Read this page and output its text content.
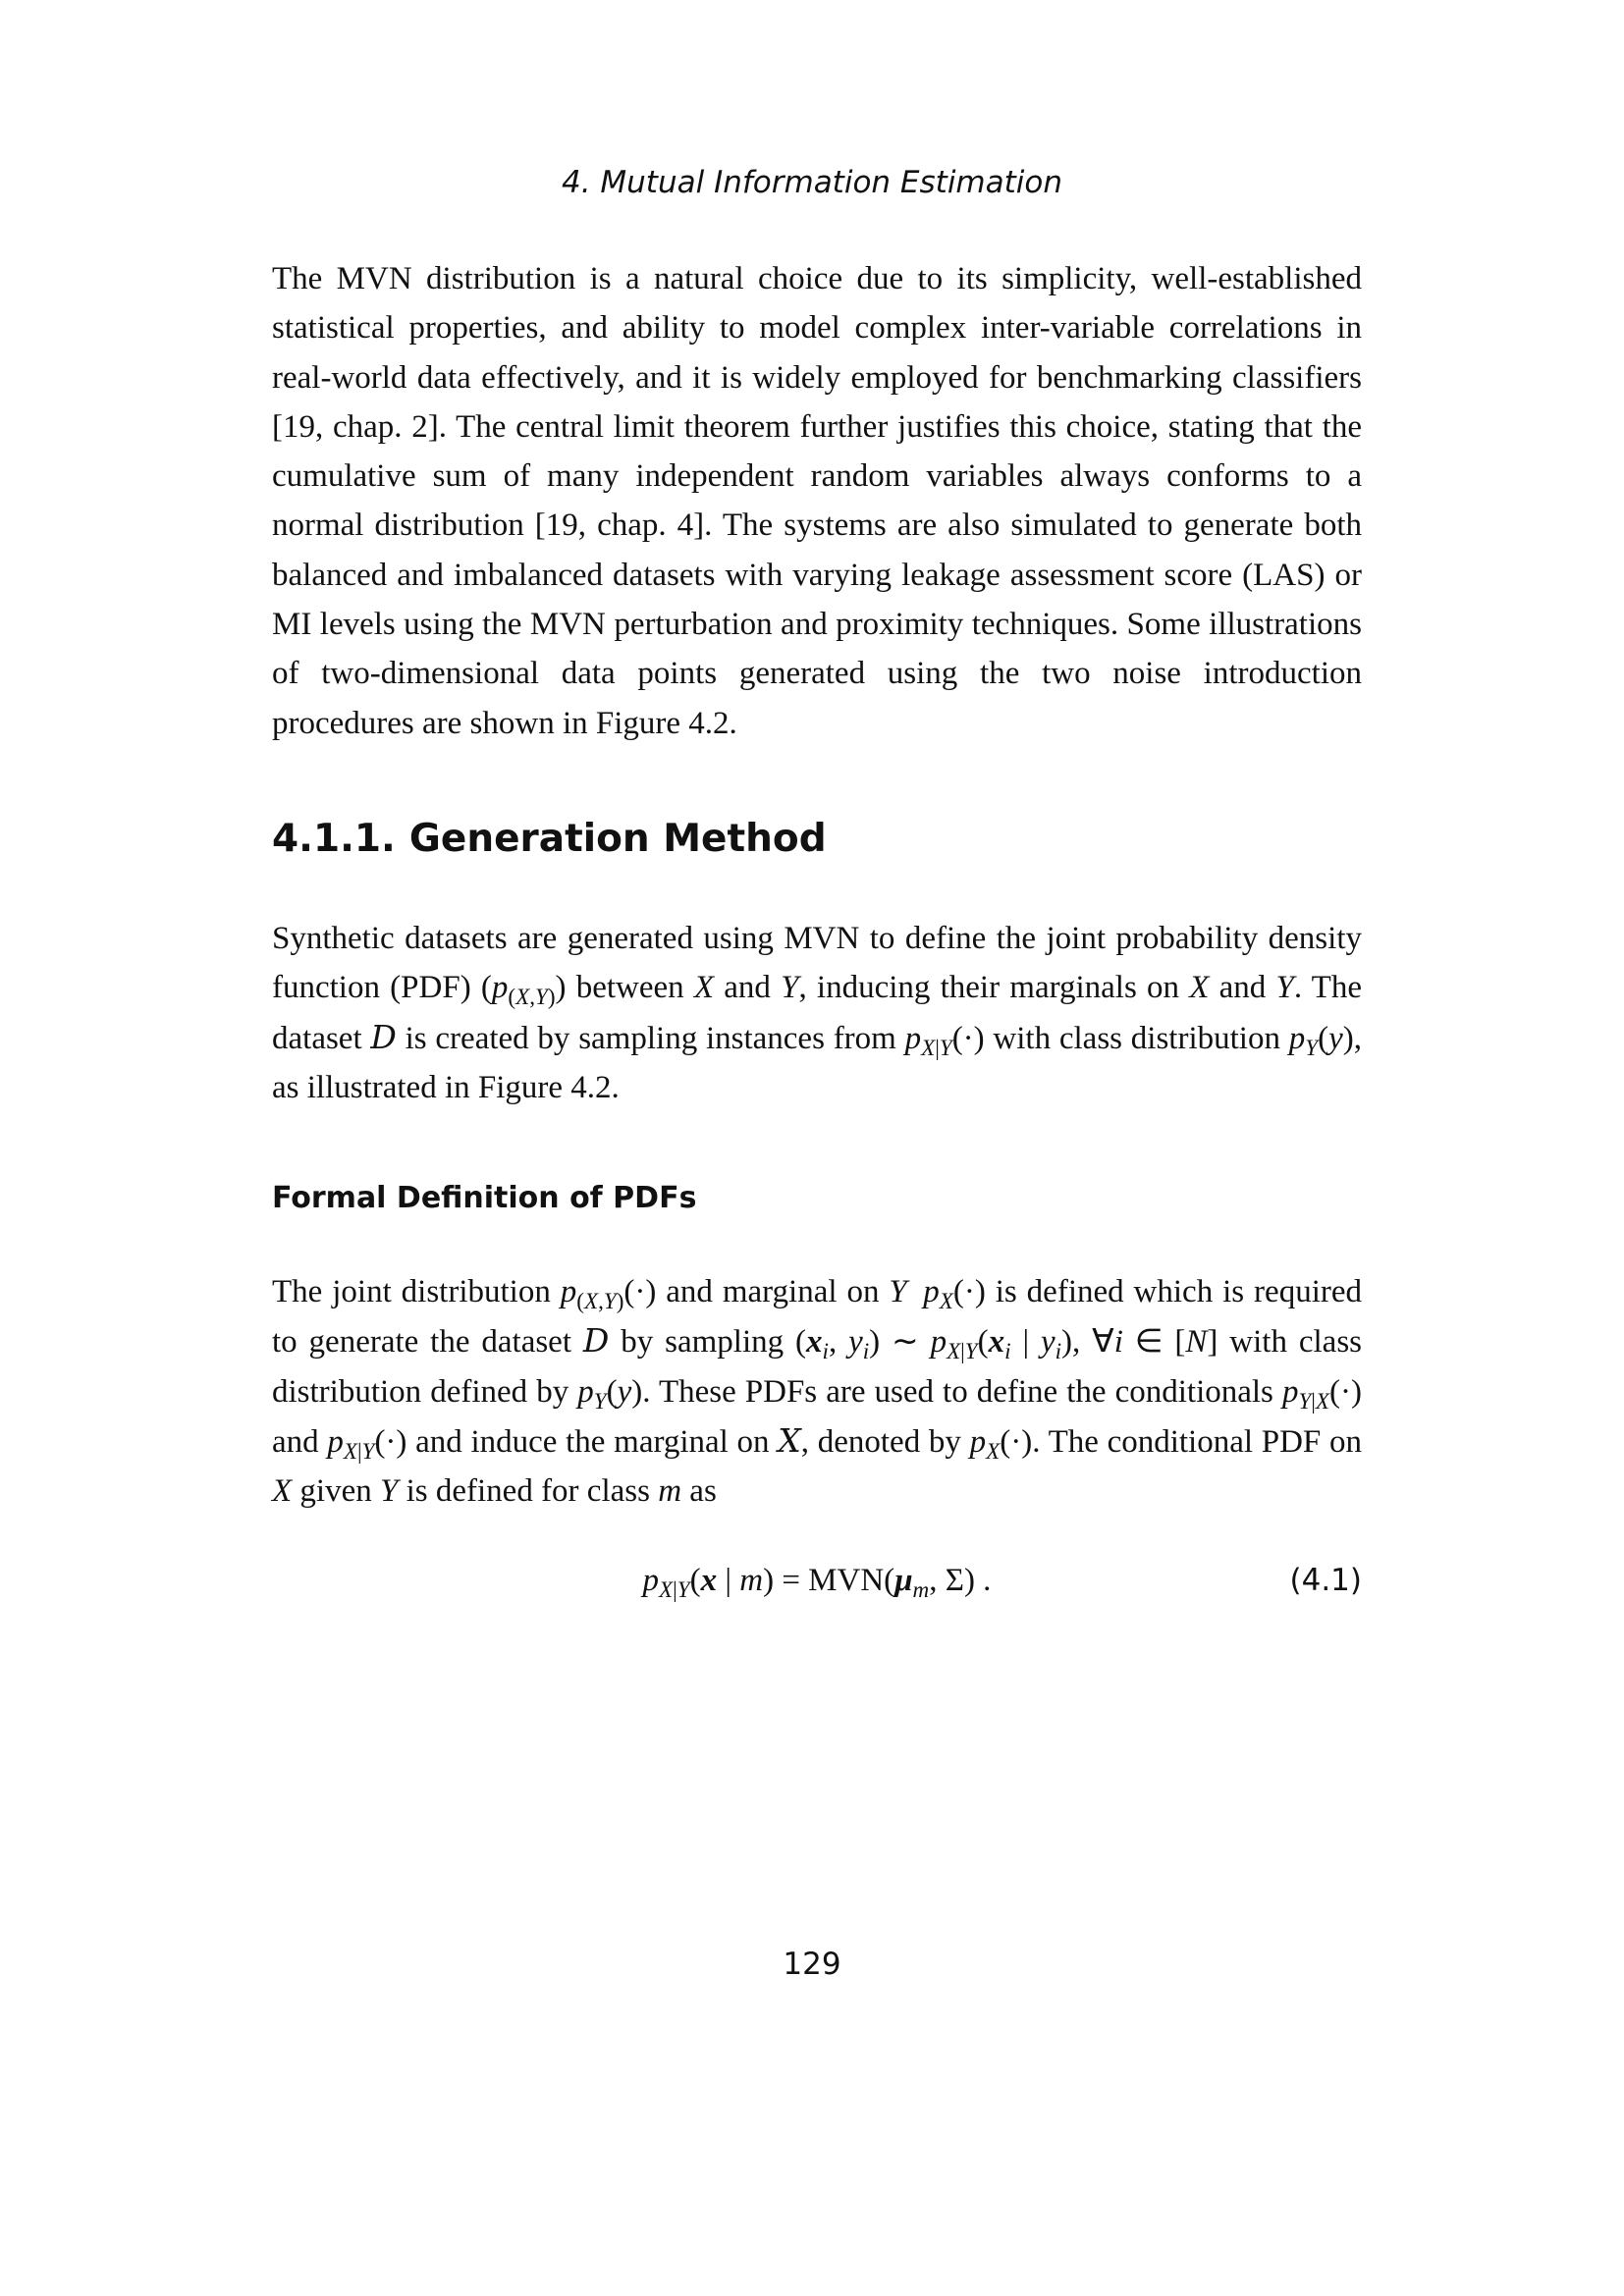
4. Mutual Information Estimation

The MVN distribution is a natural choice due to its simplicity, well-established statistical properties, and ability to model complex inter-variable correlations in real-world data effectively, and it is widely employed for benchmarking classifiers [19, chap. 2]. The central limit theorem further justifies this choice, stating that the cumulative sum of many independent random variables always conforms to a normal distribution [19, chap. 4]. The systems are also simulated to generate both balanced and imbalanced datasets with varying leakage assessment score (LAS) or MI levels using the MVN perturbation and proximity techniques. Some illustrations of two-dimensional data points generated using the two noise introduction procedures are shown in Figure 4.2.

4.1.1. Generation Method

Synthetic datasets are generated using MVN to define the joint probability density function (PDF) $(p_{(X,Y)})$ between X and Y, inducing their marginals on X and Y. The dataset D is created by sampling instances from $p_{X|Y}(\cdot)$ with class distribution $p_Y(y)$, as illustrated in Figure 4.2.

Formal Definition of PDFs

The joint distribution $p_{(X,Y)}(\cdot)$ and marginal on Y  $p_X(\cdot)$ is defined which is required to generate the dataset D by sampling ($x_i$, $y_i$) ∼ $p_{X|Y}(x_i$ | $y_i$), ∀i ∈ [N] with class distribution defined by $p_Y(y)$. These PDFs are used to define the conditionals $p_{Y|X}(\cdot)$ and $p_{X|Y}(\cdot)$ and induce the marginal on X, denoted by $p_X(\cdot)$. The conditional PDF on X given Y is defined for class m as

$p_{X|Y}(x$ | $m) = MVN(\mu_m$, Σ) .	(4.1)
129
